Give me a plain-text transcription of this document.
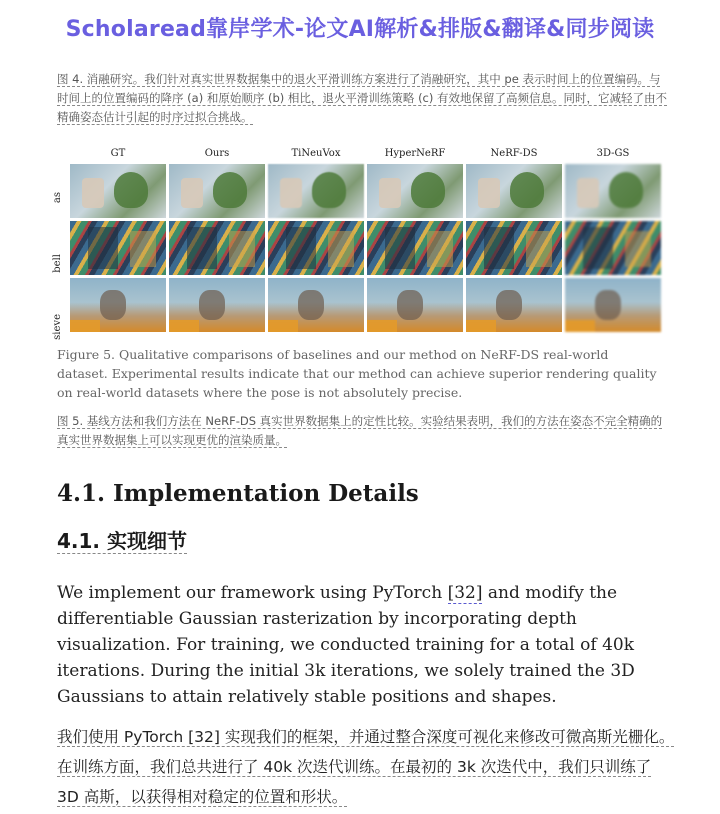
Scholaread靠岸学术-论文AI解析&排版&翻译&同步阅读
图 4. 消融研究。我们针对真实世界数据集中的退火平滑训练方案进行了消融研究，其中 pe 表示时间上的位置编码。与时间上的位置编码的降序 (a) 和原始顺序 (b) 相比，退火平滑训练策略 (c) 有效地保留了高频信息。同时，它减轻了由不精确姿态估计引起的时序过拟合挑战。
GT	Ours	TiNeuVox	HyperNeRF	NeRF-DS	3D-GS
as
bell
sieve
Figure 5. Qualitative comparisons of baselines and our method on NeRF-DS real-world dataset. Experimental results indicate that our method can achieve superior rendering quality on real-world datasets where the pose is not absolutely precise.
图 5. 基线方法和我们方法在 NeRF-DS 真实世界数据集上的定性比较。实验结果表明，我们的方法在姿态不完全精确的真实世界数据集上可以实现更优的渲染质量。
4.1. Implementation Details
4.1. 实现细节
We implement our framework using PyTorch [32] and modify the differentiable Gaussian rasterization by incorporating depth visualization. For training, we conducted training for a total of 40k iterations. During the initial 3k iterations, we solely trained the 3D Gaussians to attain relatively stable positions and shapes.
我们使用 PyTorch [32] 实现我们的框架，并通过整合深度可视化来修改可微高斯光栅化。在训练方面，我们总共进行了 40k 次迭代训练。在最初的 3k 次迭代中，我们只训练了 3D 高斯，以获得相对稳定的位置和形状。
